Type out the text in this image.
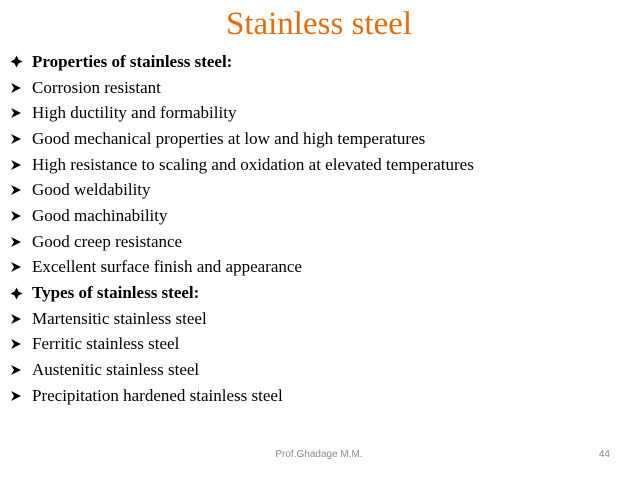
Stainless steel
Properties of stainless steel:
Corrosion resistant
High ductility and formability
Good mechanical properties at low and high temperatures
High resistance to scaling and oxidation at elevated temperatures
Good weldability
Good machinability
Good creep resistance
Excellent surface finish and appearance
Types of stainless steel:
Martensitic stainless steel
Ferritic stainless steel
Austenitic stainless steel
Precipitation hardened stainless steel
Prof.Ghadage M.M.	44
